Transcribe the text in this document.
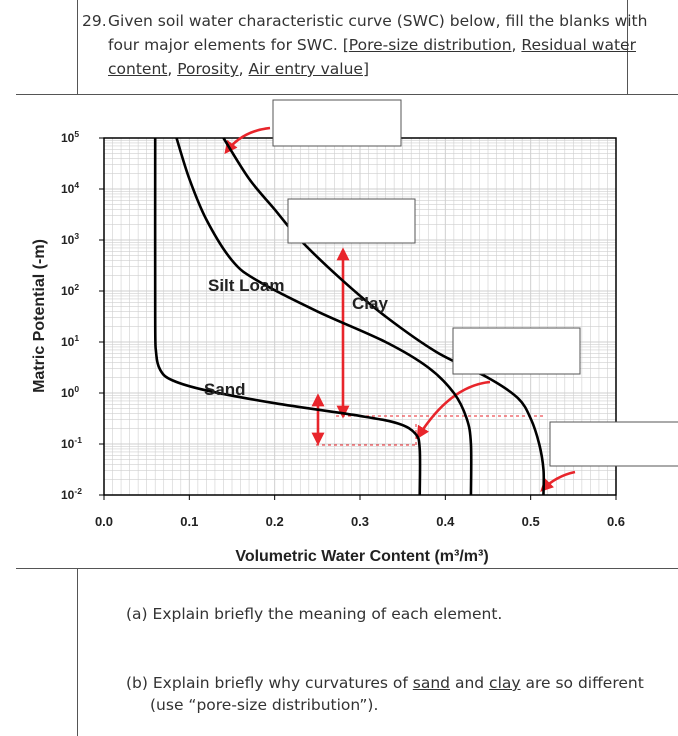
29. Given soil water characteristic curve (SWC) below, fill the blanks with four major elements for SWC. [Pore-size distribution, Residual water content, Porosity, Air entry value]
0.0	0.1	0.2	0.3	0.4	0.5	0.6
$10^5$
$10^4$
$10^3$
$10^2$
$10^1$
$10^0$
$10^{-1}$
$10^{-2}$
Sand
Silt Loam
Clay
Volumetric Water Content (m³/m³)
Matric Potential (-m)
(a) Explain briefly the meaning of each element.
(b) Explain briefly why curvatures of sand and clay are so different
(use “pore-size distribution”).
